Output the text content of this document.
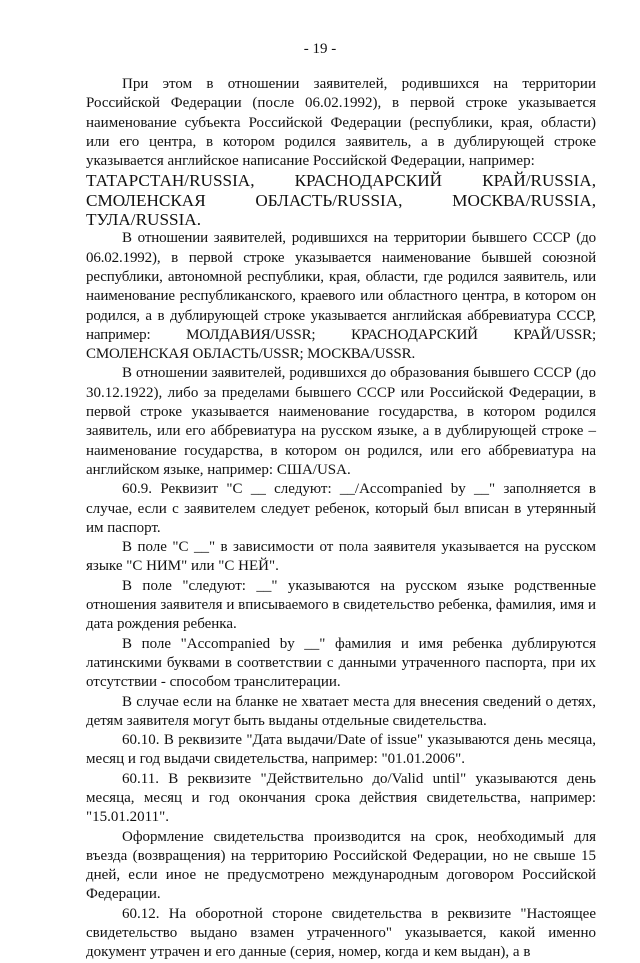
- 19 -

При этом в отношении заявителей, родившихся на территории Российской Федерации (после 06.02.1992), в первой строке указывается наименование субъекта Российской Федерации (республики, края, области) или его центра, в котором родился заявитель, а в дублирующей строке указывается английское написание Российской Федерации, например:

ТАТАРСТАН/RUSSIA, КРАСНОДАРСКИЙ КРАЙ/RUSSIA, СМОЛЕНСКАЯ ОБЛАСТЬ/RUSSIA, МОСКВА/RUSSIA, ТУЛА/RUSSIA.

В отношении заявителей, родившихся на территории бывшего СССР (до 06.02.1992), в первой строке указывается наименование бывшей союзной республики, автономной республики, края, области, где родился заявитель, или наименование республиканского, краевого или областного центра, в котором он родился, а в дублирующей строке указывается английская аббревиатура СССР, например: МОЛДАВИЯ/USSR; КРАСНОДАРСКИЙ КРАЙ/USSR; СМОЛЕНСКАЯ ОБЛАСТЬ/USSR; МОСКВА/USSR.

В отношении заявителей, родившихся до образования бывшего СССР (до 30.12.1922), либо за пределами бывшего СССР или Российской Федерации, в первой строке указывается наименование государства, в котором родился заявитель, или его аббревиатура на русском языке, а в дублирующей строке – наименование государства, в котором он родился, или его аббревиатура на английском языке, например: США/USA.

60.9. Реквизит "С __ следуют: __/Accompanied by __" заполняется в случае, если с заявителем следует ребенок, который был вписан в утерянный им паспорт.

В поле "С __" в зависимости от пола заявителя указывается на русском языке "С НИМ" или "С НЕЙ".

В поле "следуют: __" указываются на русском языке родственные отношения заявителя и вписываемого в свидетельство ребенка, фамилия, имя и дата рождения ребенка.

В поле "Accompanied by __" фамилия и имя ребенка дублируются латинскими буквами в соответствии с данными утраченного паспорта, при их отсутствии - способом транслитерации.

В случае если на бланке не хватает места для внесения сведений о детях, детям заявителя могут быть выданы отдельные свидетельства.

60.10. В реквизите "Дата выдачи/Date of issue" указываются день месяца, месяц и год выдачи свидетельства, например: "01.01.2006".

60.11. В реквизите "Действительно до/Valid until" указываются день месяца, месяц и год окончания срока действия свидетельства, например: "15.01.2011".

Оформление свидетельства производится на срок, необходимый для въезда (возвращения) на территорию Российской Федерации, но не свыше 15 дней, если иное не предусмотрено международным договором Российской Федерации.

60.12. На оборотной стороне свидетельства в реквизите "Настоящее свидетельство выдано взамен утраченного" указывается, какой именно документ утрачен и его данные (серия, номер, когда и кем выдан), а в
